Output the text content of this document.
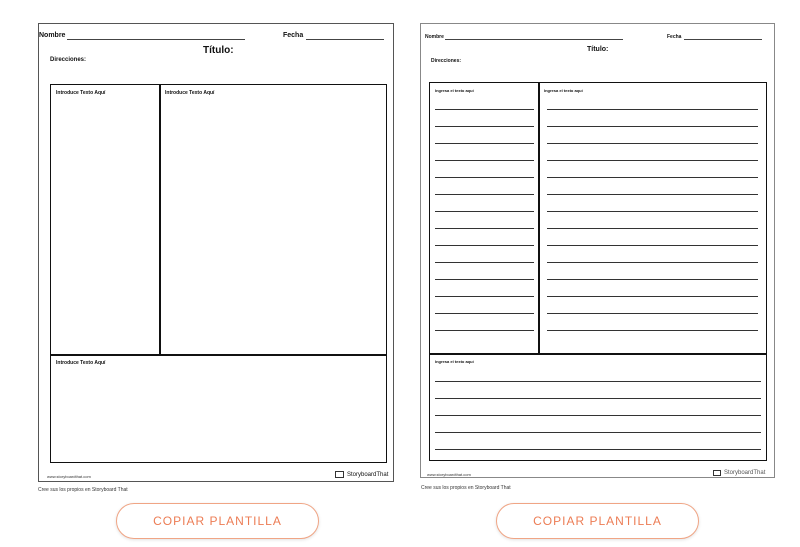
Nombre	Fecha
Título:
Direcciones:
Introduce Texto Aquí	Introduce Texto Aquí
Introduce Texto Aquí
www.storyboardthat.com	StoryboardThat
Cree sus los propios en Storyboard That
COPIAR PLANTILLA
Nombre	Fecha
Título:
Direcciones:
Ingresa el texto aquí	Ingresa el texto aquí
Ingresa el texto aquí
www.storyboardthat.com	StoryboardThat
Cree sus los propios en Storyboard That
COPIAR PLANTILLA
